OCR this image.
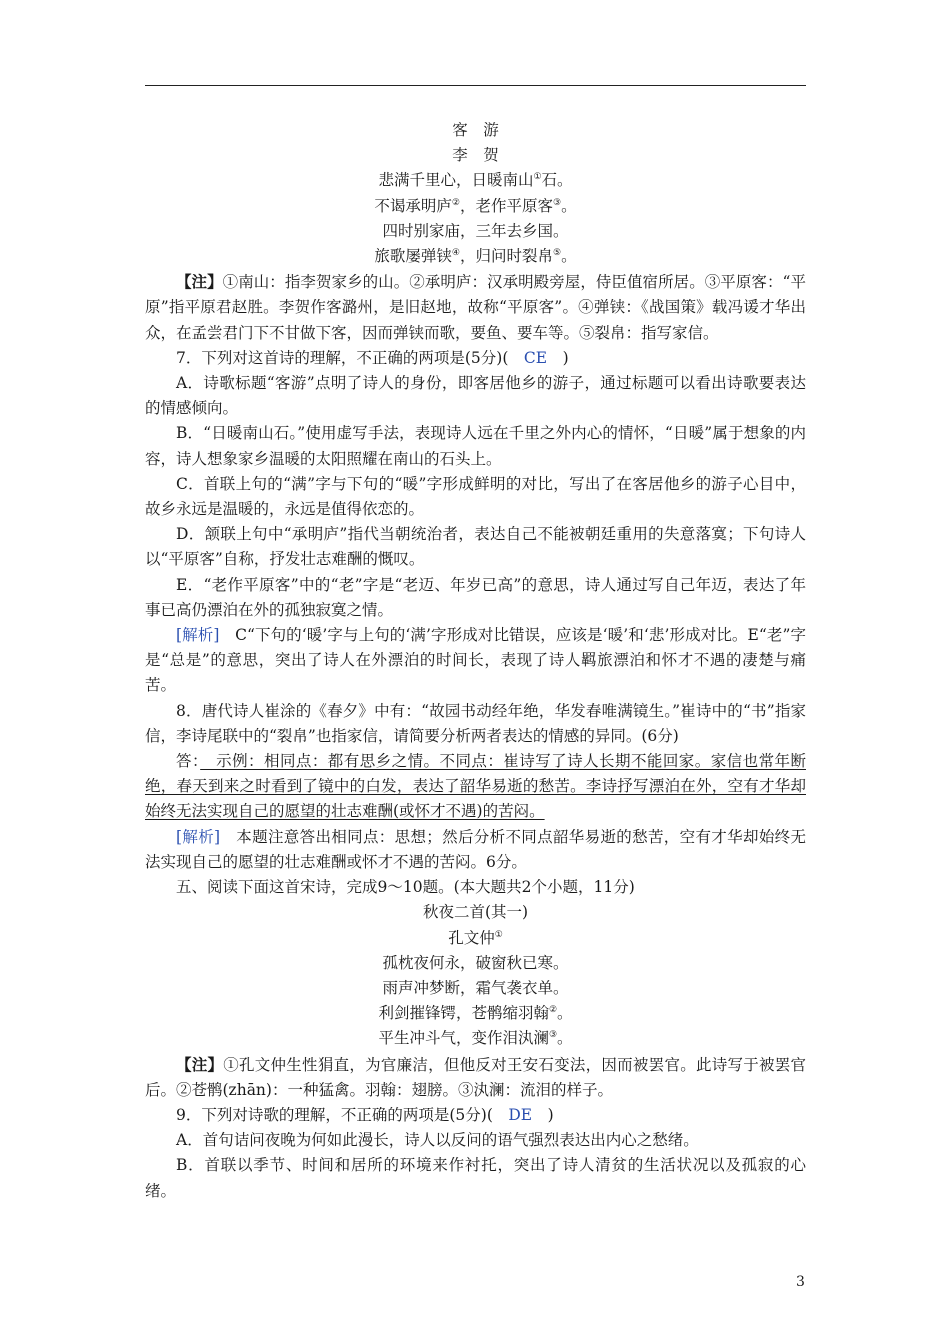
客　游

李　贺

悲满千里心，日暖南山①石。

不谒承明庐②，老作平原客③。

四时别家庙，三年去乡国。

旅歌屡弹铗④，归问时裂帛⑤。

【注】①南山：指李贺家乡的山。②承明庐：汉承明殿旁屋，侍臣值宿所居。③平原客：“平原”指平原君赵胜。李贺作客潞州，是旧赵地，故称“平原客”。④弹铗：《战国策》载冯谖才华出众，在孟尝君门下不甘做下客，因而弹铗而歌，要鱼、要车等。⑤裂帛：指写家信。

7．下列对这首诗的理解，不正确的两项是(5分)(　CE　)

A．诗歌标题“客游”点明了诗人的身份，即客居他乡的游子，通过标题可以看出诗歌要表达的情感倾向。

B．“日暖南山石。”使用虚写手法，表现诗人远在千里之外内心的情怀，“日暖”属于想象的内容，诗人想象家乡温暖的太阳照耀在南山的石头上。

C．首联上句的“满”字与下句的“暖”字形成鲜明的对比，写出了在客居他乡的游子心目中，故乡永远是温暖的，永远是值得依恋的。

D．颔联上句中“承明庐”指代当朝统治者，表达自己不能被朝廷重用的失意落寞；下句诗人以“平原客”自称，抒发壮志难酬的慨叹。

E．“老作平原客”中的“老”字是“老迈、年岁已高”的意思，诗人通过写自己年迈，表达了年事已高仍漂泊在外的孤独寂寞之情。

[解析]　C“下句的‘暖’字与上句的‘满’字形成对比错误，应该是‘暖’和‘悲’形成对比。E“老”字是“总是”的意思，突出了诗人在外漂泊的时间长，表现了诗人羁旅漂泊和怀才不遇的凄楚与痛苦。

8．唐代诗人崔涂的《春夕》中有：“故园书动经年绝，华发春唯满镜生。”崔诗中的“书”指家信，李诗尾联中的“裂帛”也指家信，请简要分析两者表达的情感的异同。(6分)

答：　示例：相同点：都有思乡之情。不同点：崔诗写了诗人长期不能回家。家信也常年断绝，春天到来之时看到了镜中的白发，表达了韶华易逝的愁苦。李诗抒写漂泊在外，空有才华却始终无法实现自己的愿望的壮志难酬(或怀才不遇)的苦闷。

[解析]　本题注意答出相同点：思想；然后分析不同点韶华易逝的愁苦，空有才华却始终无法实现自己的愿望的壮志难酬或怀才不遇的苦闷。6分。

五、阅读下面这首宋诗，完成9～10题。(本大题共2个小题，11分)

秋夜二首(其一)

孔文仲①

孤枕夜何永，破窗秋已寒。

雨声冲梦断，霜气袭衣单。

利剑摧锋锷，苍鹘缩羽翰②。

平生冲斗气，变作泪汍澜③。

【注】①孔文仲生性狷直，为官廉洁，但他反对王安石变法，因而被罢官。此诗写于被罢官后。②苍鹘(zhān)：一种猛禽。羽翰：翅膀。③汍澜：流泪的样子。

9．下列对诗歌的理解，不正确的两项是(5分)(　DE　)

A．首句诘问夜晚为何如此漫长，诗人以反问的语气强烈表达出内心之愁绪。

B．首联以季节、时间和居所的环境来作衬托，突出了诗人清贫的生活状况以及孤寂的心绪。

3
